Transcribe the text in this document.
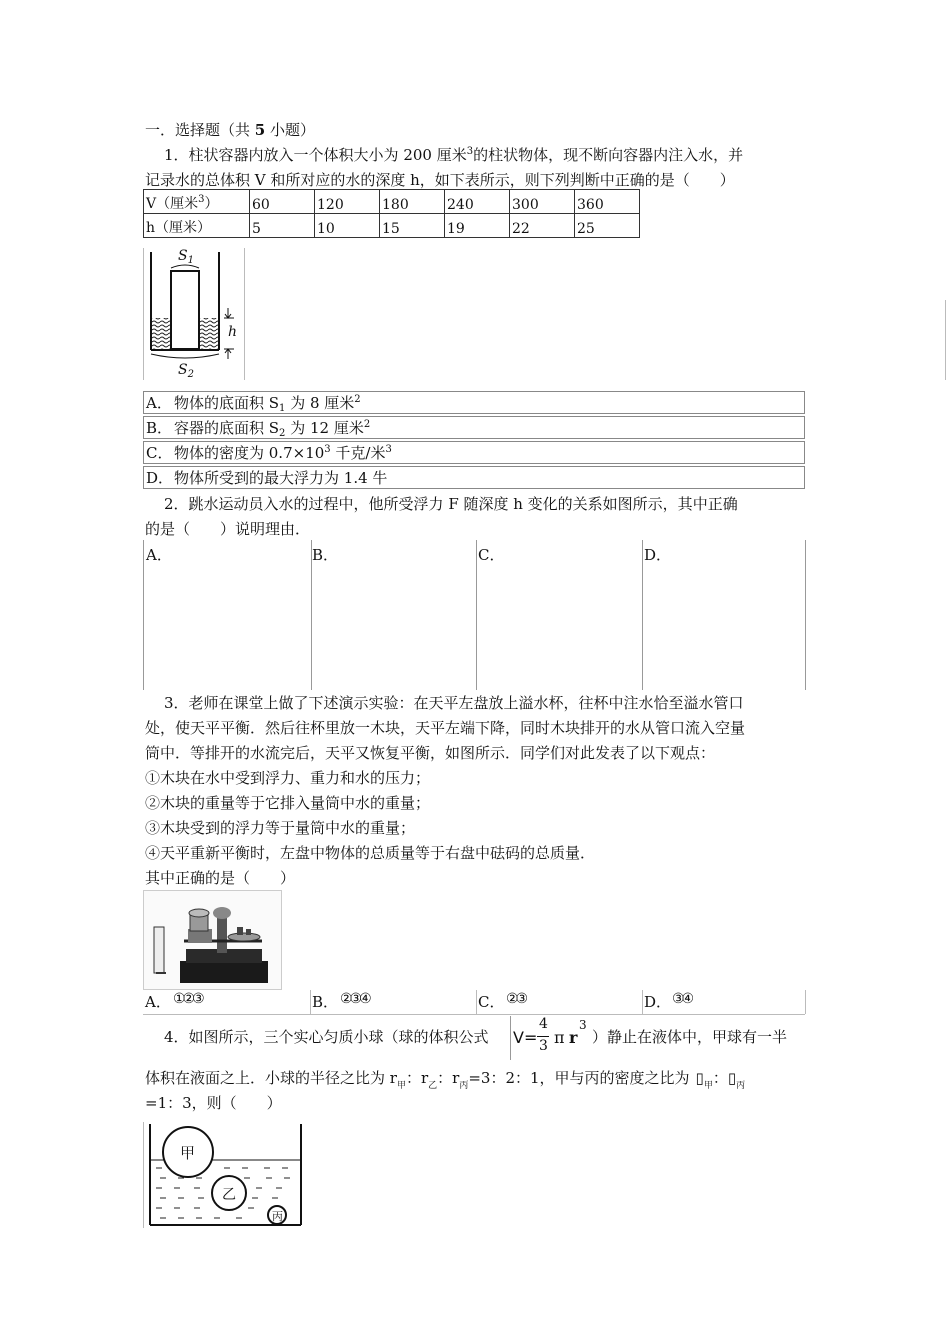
一．选择题（共 5 小题）
1．柱状容器内放入一个体积大小为 200 厘米$^3$的柱状物体，现不断向容器内注入水，并
记录水的总体积 V 和所对应的水的深度 h，如下表所示，则下列判断中正确的是（　　）
V（厘米$^3$）	60	120	180	240	300	360
h（厘米）	5	10	15	19	22	25
$S_1$
$S_2$
h
A． 物体的底面积 $S_1$ 为 8 厘米$^2$
B． 容器的底面积 $S_2$ 为 12 厘米$^2$
C． 物体的密度为 $0.7\times 10^3$ 千克/米$^3$
D． 物体所受到的最大浮力为 1.4 牛
2．跳水运动员入水的过程中，他所受浮力 F 随深度 h 变化的关系如图所示，其中正确
的是（　　）说明理由．
A．	B．	C．	D．
3．老师在课堂上做了下述演示实验：在天平左盘放上溢水杯，往杯中注水恰至溢水管口
处，使天平平衡．然后往杯里放一木块，天平左端下降，同时木块排开的水从管口流入空量
筒中．等排开的水流完后，天平又恢复平衡，如图所示．同学们对此发表了以下观点：
①木块在水中受到浮力、重力和水的压力；
②木块的重量等于它排入量筒中水的重量；
③木块受到的浮力等于量筒中水的重量；
④天平重新平衡时，左盘中物体的总质量等于右盘中砝码的总质量．
其中正确的是（　　）
A． ①②③	B． ②③④	C． ②③	D． ③④
4．如图所示，三个实心匀质小球（球的体积公式 V=
4
3 π r
3
）静止在液体中，甲球有一半
体积在液面之上．小球的半径之比为 $r_甲$：$r_乙$：$r_丙=3$：2：1，甲与丙的密度之比为 $▯_甲$：$▯_丙$
=1：3，则（　　）
甲
乙
丙
